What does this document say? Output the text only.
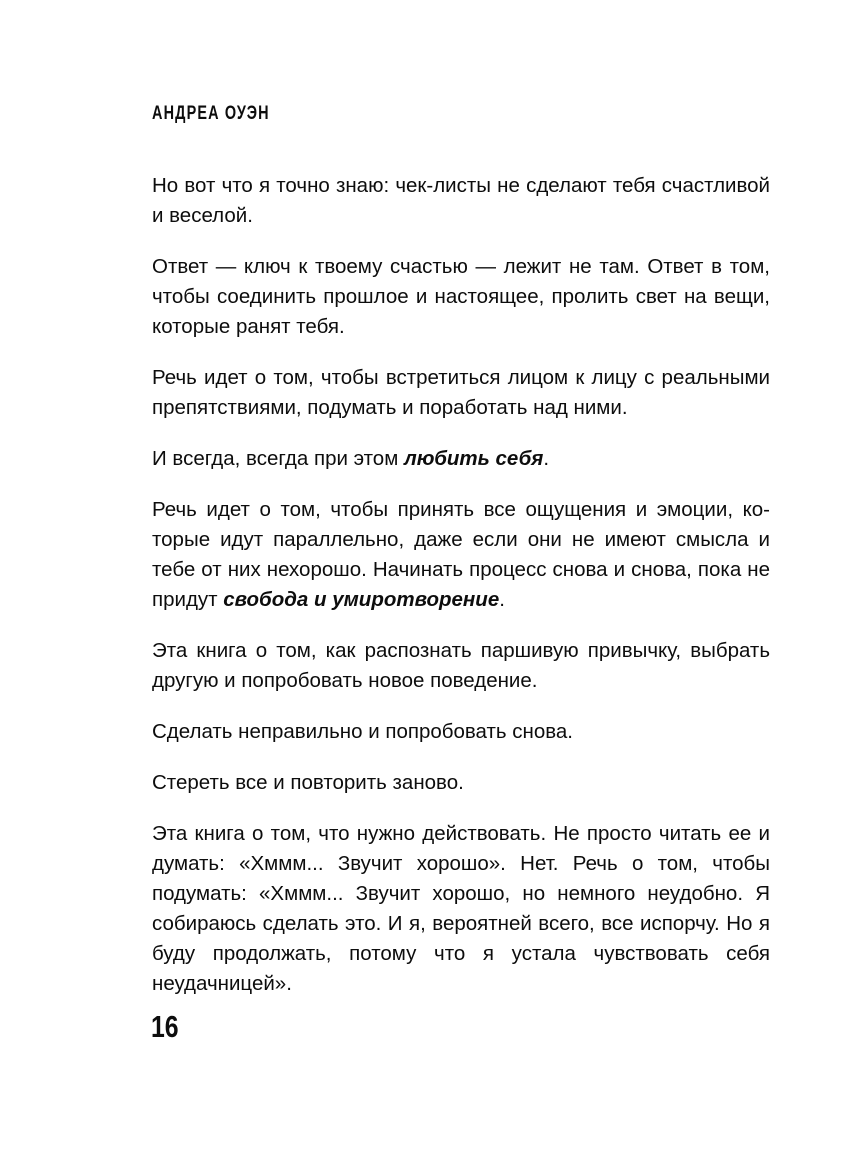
АНДРЕА ОУЭН

Но вот что я точно знаю: чек-листы не сделают тебя счастливой и веселой.

Ответ — ключ к твоему счастью — лежит не там. Ответ в том, чтобы соединить прошлое и настоящее, пролить свет на вещи, которые ранят тебя.

Речь идет о том, чтобы встретиться лицом к лицу с реальными препятствиями, подумать и поработать над ними.

И всегда, всегда при этом любить себя.

Речь идет о том, чтобы принять все ощущения и эмоции, которые идут параллельно, даже если они не имеют смысла и тебе от них нехорошо. Начинать процесс снова и снова, пока не придут свобода и умиротворение.

Эта книга о том, как распознать паршивую привычку, выбрать другую и попробовать новое поведение.

Сделать неправильно и попробовать снова.

Стереть все и повторить заново.

Эта книга о том, что нужно действовать. Не просто читать ее и думать: «Хммм... Звучит хорошо». Нет. Речь о том, чтобы подумать: «Хммм... Звучит хорошо, но немного неудобно. Я собираюсь сделать это. И я, вероятней всего, все испорчу. Но я буду продолжать, потому что я устала чувствовать себя неудачницей».

16
